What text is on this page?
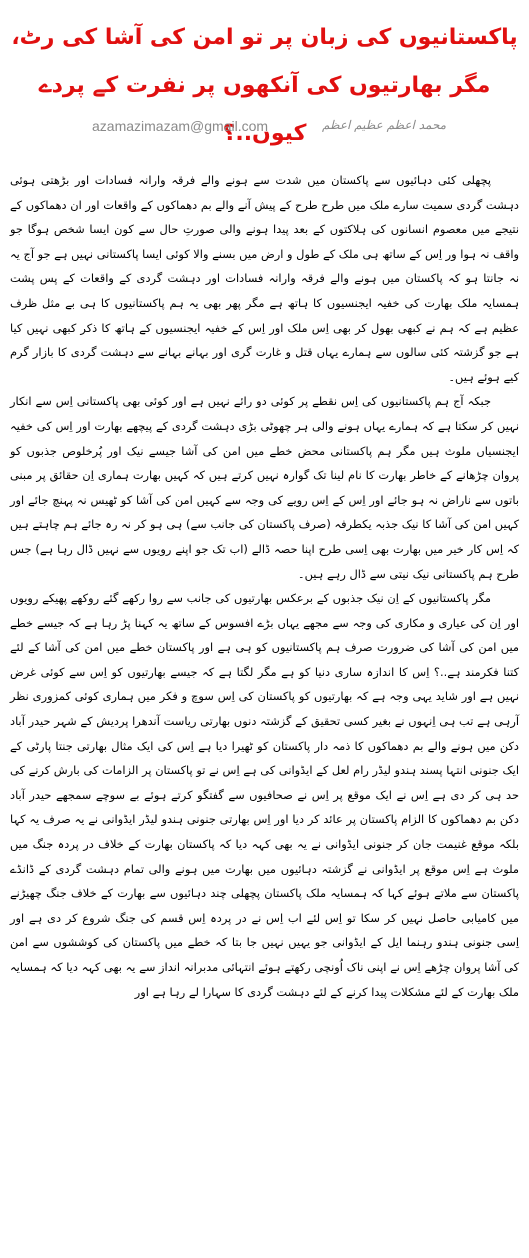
پاکستانیوں کی زبان پر تو امن کی آشا کی رٹ، مگر بھارتیوں کی آنکھوں پر نفرت کے پردے کیوں..؟
azamazimazam@gmail.com	محمد اعظم عظیم اعظم

پچھلی کئی دہائیوں سے پاکستان میں شدت سے ہونے والے فرقہ وارانہ فسادات اور بڑھتی ہوئی دہشت گردی سمیت سارے ملک میں طرح طرح کے پیش آنے والے بم دھماکوں کے واقعات اور ان دھماکوں کے نتیجے میں معصوم انسانوں کی ہلاکتوں کے بعد پیدا ہونے والی صورتِ حال سے کون ایسا شخص ہوگا جو واقف نہ ہوا ور اِس کے ساتھ ہی ملک کے طول و ارض میں بسنے والا کوئی ایسا پاکستانی نہیں ہے جو آج یہ نہ جانتا ہو کہ پاکستان میں ہونے والے فرقہ وارانہ فسادات اور دہشت گردی کے واقعات کے پس پشت ہمسایہ ملک بھارت کی خفیہ ایجنسیوں کا ہاتھ ہے مگر پھر بھی یہ ہم پاکستانیوں کا ہی بے مثل ظرف عظیم ہے کہ ہم نے کبھی بھول کر بھی اِس ملک اور اِس کے خفیہ ایجنسیوں کے ہاتھ کا ذکر کبھی نہیں کیا ہے جو گزشتہ کئی سالوں سے ہمارے یہاں قتل و غارت گری اور بہانے بہانے سے دہشت گردی کا بازار گرم کیے ہوئے ہیں۔

جبکہ آج ہم پاکستانیوں کی اِس نقطے پر کوئی دو رائے نہیں ہے اور کوئی بھی پاکستانی اِس سے انکار نہیں کر سکتا ہے کہ ہمارے یہاں ہونے والی ہر چھوٹی بڑی دہشت گردی کے پیچھے بھارت اور اِس کی خفیہ ایجنسیاں ملوث ہیں مگر ہم پاکستانی محض خطے میں امن کی آشا جیسے نیک اور پُرخلوص جذبوں کو پروان چڑھانے کے خاطر بھارت کا نام لینا تک گوارہ نہیں کرتے ہیں کہ کہیں بھارت ہماری اِن حقائق پر مبنی باتوں سے ناراض نہ ہو جائے اور اِس کے اِس رویے کی وجہ سے کہیں امن کی آشا کو ٹھیس نہ پہنچ جائے اور کہیں امن کی آشا کا نیک جذبہ یکطرفہ (صرف پاکستان کی جانب سے) ہی ہو کر نہ رہ جائے ہم چاہتے ہیں کہ اِس کار خیر میں بھارت بھی اِسی طرح اپنا حصہ ڈالے (اب تک جو اپنے رویوں سے نہیں ڈال رہا ہے) جس طرح ہم پاکستانی نیک نیتی سے ڈال رہے ہیں۔

مگر پاکستانیوں کے اِن نیک جذبوں کے برعکس بھارتیوں کی جانب سے روا رکھے گئے روکھے پھیکے رویوں اور اِن کی عیاری و مکاری کی وجہ سے مجھے یہاں بڑے افسوس کے ساتھ یہ کہنا پڑ رہا ہے کہ جیسے خطے میں امن کی آشا کی ضرورت صرف ہم پاکستانیوں کو ہی ہے اور پاکستان خطے میں امن کی آشا کے لئے کتنا فکرمند ہے..؟ اِس کا اندازہ ساری دنیا کو ہے مگر لگتا ہے کہ جیسے بھارتیوں کو اِس سے کوئی غرض نہیں ہے اور شاید یہی وجہ ہے کہ بھارتیوں کو پاکستان کی اِس سوچ و فکر میں ہماری کوئی کمزوری نظر آرہی ہے تب ہی اِنہوں نے بغیر کسی تحقیق کے گزشتہ دنوں بھارتی ریاست آندھرا پردیش کے شہر حیدر آباد دکن میں ہونے والے بم دھماکوں کا ذمہ دار پاکستان کو ٹھیرا دیا ہے اِس کی ایک مثال بھارتی جنتا پارٹی کے ایک جنونی انتہا پسند ہندو لیڈر رام لعل کے ایڈوانی کی ہے اِس نے تو پاکستان پر الزامات کی بارش کرنے کی حد ہی کر دی ہے اِس نے ایک موقع پر اِس نے صحافیوں سے گفتگو کرتے ہوئے بے سوچے سمجھے حیدر آباد دکن بم دھماکوں کا الزام پاکستان پر عائد کر دیا اور اِس بھارتی جنونی ہندو لیڈر ایڈوانی نے یہ صرف یہ کہا بلکہ موقع غنیمت جان کر جنونی ایڈوانی نے یہ بھی کہہ دیا کہ پاکستان بھارت کے خلاف در پردہ جنگ میں ملوث ہے اِس موقع پر ایڈوانی نے گزشتہ دہائیوں میں بھارت میں ہونے والی تمام دہشت گردی کے ڈانڈے پاکستان سے ملاتے ہوئے کہا کہ ہمسایہ ملک پاکستان پچھلی چند دہائیوں سے بھارت کے خلاف جنگ چھیڑنے میں کامیابی حاصل نہیں کر سکا تو اِس لئے اب اِس نے در پردہ اِس قسم کی جنگ شروع کر دی ہے اور اِسی جنونی ہندو رہنما ایل کے ایڈوانی جو یہیں نہیں جا بتا کہ خطے میں پاکستان کی کوششوں سے امن کی آشا پروان چڑھے اِس نے اپنی ناک اُونچی رکھتے ہوئے انتہائی مدبرانہ انداز سے یہ بھی کہہ دیا کہ ہمسایہ ملک بھارت کے لئے مشکلات پیدا کرنے کے لئے دہشت گردی کا سہارا لے رہا ہے اور
